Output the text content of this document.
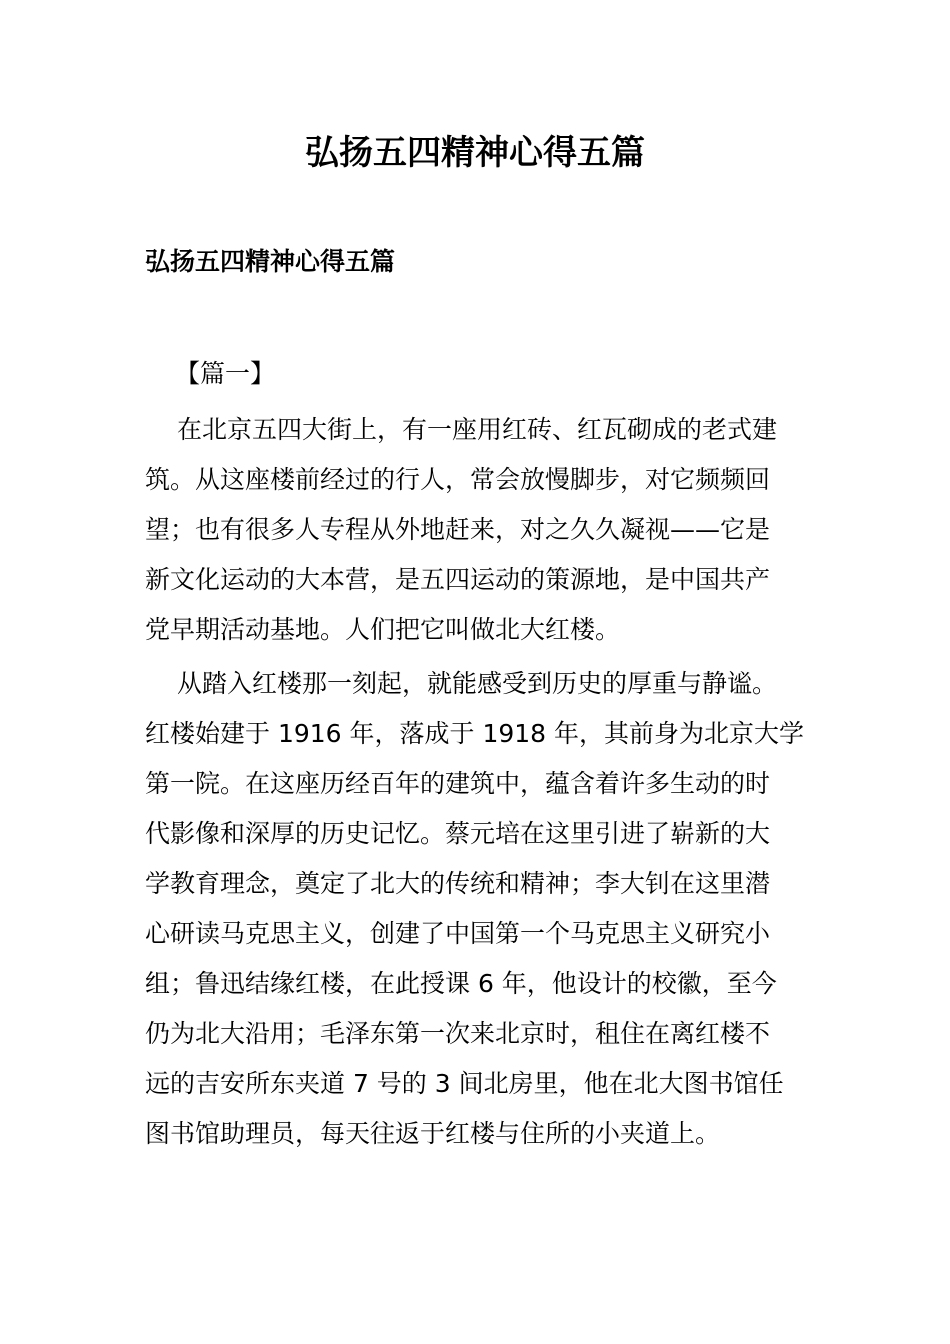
弘扬五四精神心得五篇
弘扬五四精神心得五篇
【篇一】

在北京五四大街上，有一座用红砖、红瓦砌成的老式建
筑。从这座楼前经过的行人，常会放慢脚步，对它频频回
望；也有很多人专程从外地赶来，对之久久凝视——它是
新文化运动的大本营，是五四运动的策源地，是中国共产
党早期活动基地。人们把它叫做北大红楼。

从踏入红楼那一刻起，就能感受到历史的厚重与静谧。
红楼始建于 1916 年，落成于 1918 年，其前身为北京大学
第一院。在这座历经百年的建筑中，蕴含着许多生动的时
代影像和深厚的历史记忆。蔡元培在这里引进了崭新的大
学教育理念，奠定了北大的传统和精神；李大钊在这里潜
心研读马克思主义，创建了中国第一个马克思主义研究小
组；鲁迅结缘红楼，在此授课 6 年，他设计的校徽，至今
仍为北大沿用；毛泽东第一次来北京时，租住在离红楼不
远的吉安所东夹道 7 号的 3 间北房里，他在北大图书馆任
图书馆助理员，每天往返于红楼与住所的小夹道上。
